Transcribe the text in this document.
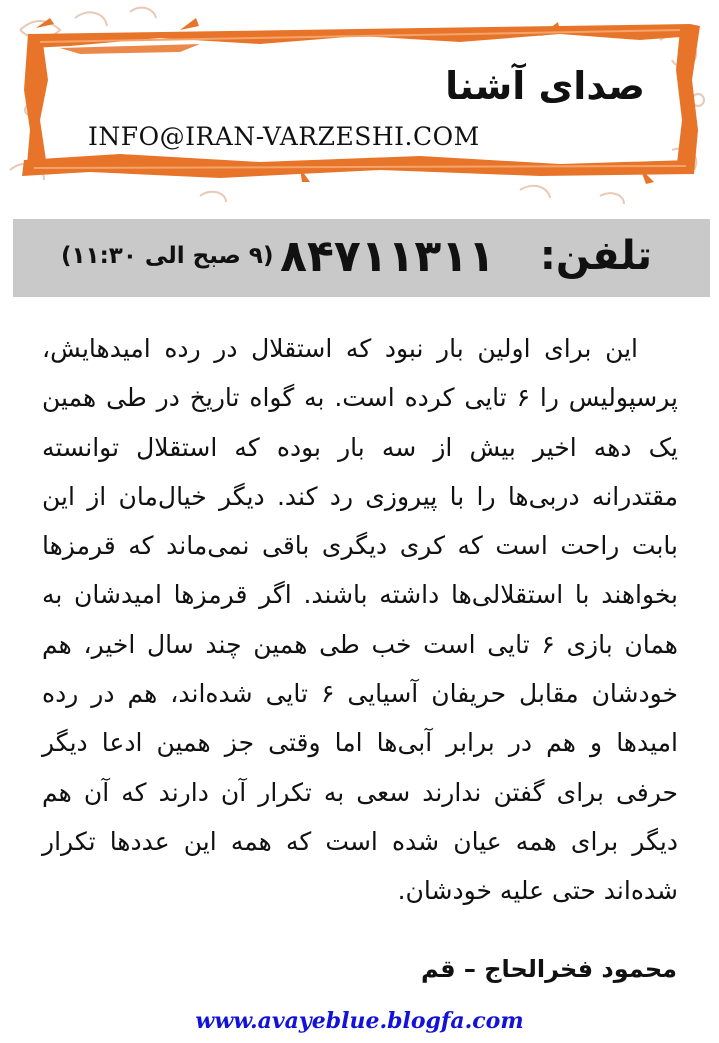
صدای آشنا

INFO@IRAN-VARZESHI.COM

تلفن:
۸۴۷۱۱۳۱۱
(۹ صبح الی ۱۱:۳۰)

این برای اولین بار نبود که استقلال در رده امیدهایش، پرسپولیس را ۶ تایی کرده است. به گواه تاریخ در طی همین یک دهه اخیر بیش از سه بار بوده که استقلال توانسته مقتدرانه دربی‌ها را با پیروزی رد کند. دیگر خیال‌مان از این بابت راحت است که کری دیگری باقی نمی‌ماند که قرمزها بخواهند با استقلالی‌ها داشته باشند. اگر قرمزها امیدشان به همان بازی ۶ تایی است خب طی همین چند سال اخیر، هم خودشان مقابل حریفان آسیایی ۶ تایی شده‌اند، هم در رده امیدها و هم در برابر آبی‌ها اما وقتی جز همین ادعا دیگر حرفی برای گفتن ندارند سعی به تکرار آن دارند که آن هم دیگر برای همه عیان شده است که همه این عددها تکرار شده‌اند حتی علیه خودشان.

محمود فخرالحاج – قم

www.avayeblue.blogfa.com
